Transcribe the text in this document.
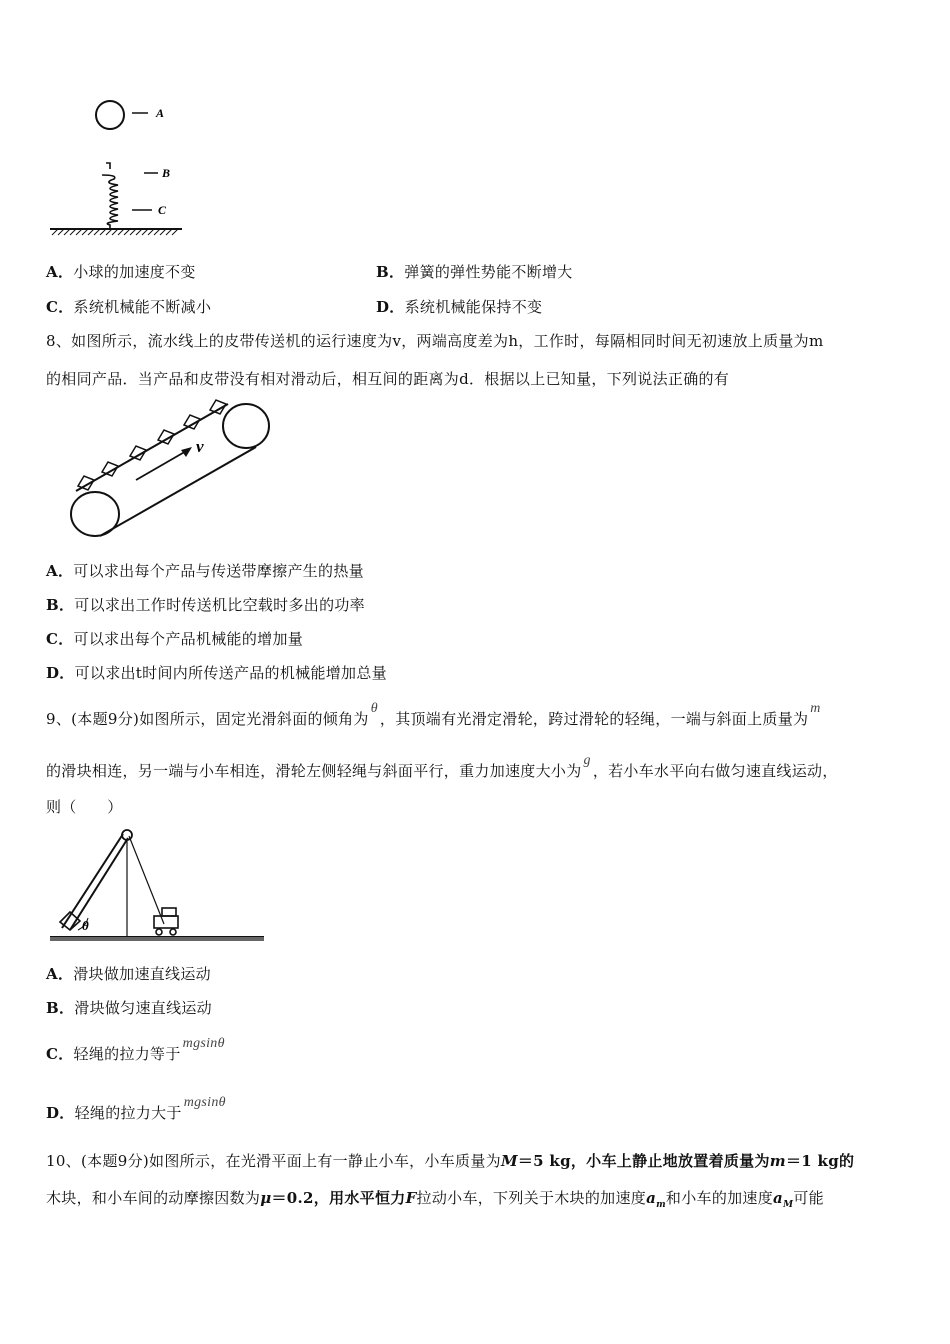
A
B
C
A．小球的加速度不变	B．弹簧的弹性势能不断增大
C．系统机械能不断减小	D．系统机械能保持不变
8、如图所示，流水线上的皮带传送机的运行速度为v，两端高度差为h，工作时，每隔相同时间无初速放上质量为m
的相同产品．当产品和皮带没有相对滑动后，相互间的距离为d．根据以上已知量，下列说法正确的有
v
A．可以求出每个产品与传送带摩擦产生的热量
B．可以求出工作时传送机比空载时多出的功率
C．可以求出每个产品机械能的增加量
D．可以求出t时间内所传送产品的机械能增加总量
9、(本题9分)如图所示，固定光滑斜面的倾角为θ，其顶端有光滑定滑轮，跨过滑轮的轻绳，一端与斜面上质量为m
的滑块相连，另一端与小车相连，滑轮左侧轻绳与斜面平行，重力加速度大小为g，若小车水平向右做匀速直线运动，
则（　　）
θ
A．滑块做加速直线运动
B．滑块做匀速直线运动
C．轻绳的拉力等于mgsinθ
D．轻绳的拉力大于mgsinθ
10、(本题9分)如图所示，在光滑平面上有一静止小车，小车质量为M＝5 kg，小车上静止地放置着质量为m＝1 kg的
木块，和小车间的动摩擦因数为μ＝0.2，用水平恒力F拉动小车，下列关于木块的加速度$a_m$和小车的加速度$a_M$可能
